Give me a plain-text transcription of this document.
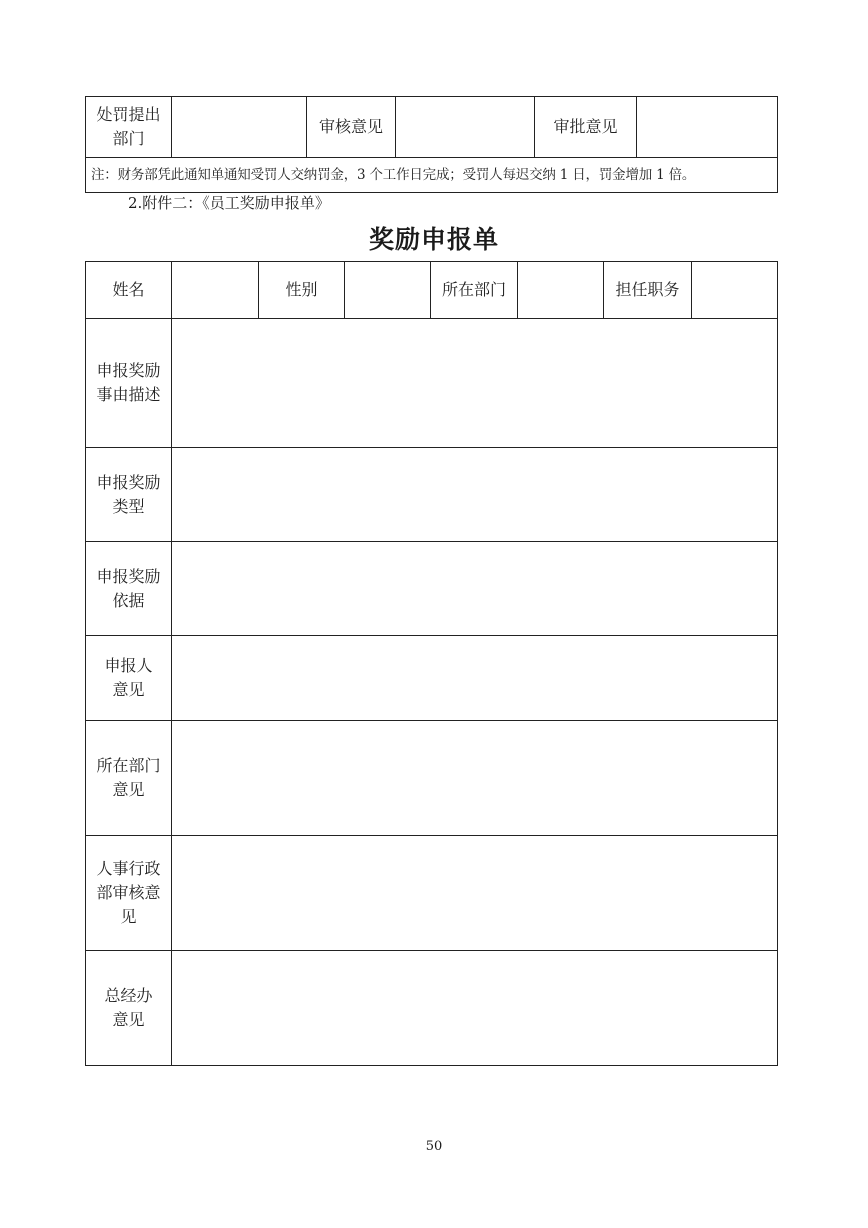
处罚提出
部门
		审核意见		审批意见	
注：财务部凭此通知单通知受罚人交纳罚金，3 个工作日完成；受罚人每迟交纳 1 日，罚金增加 1 倍。
2.附件二：《员工奖励申报单》
奖励申报单
姓名		性别		所在部门		担任职务	

申报奖励
事由描述							

申报奖励
类型							

申报奖励
依据							

申报人
意见							

所在部门
意见							

人事行政
部审核意
见							

总经办
意见							

50
